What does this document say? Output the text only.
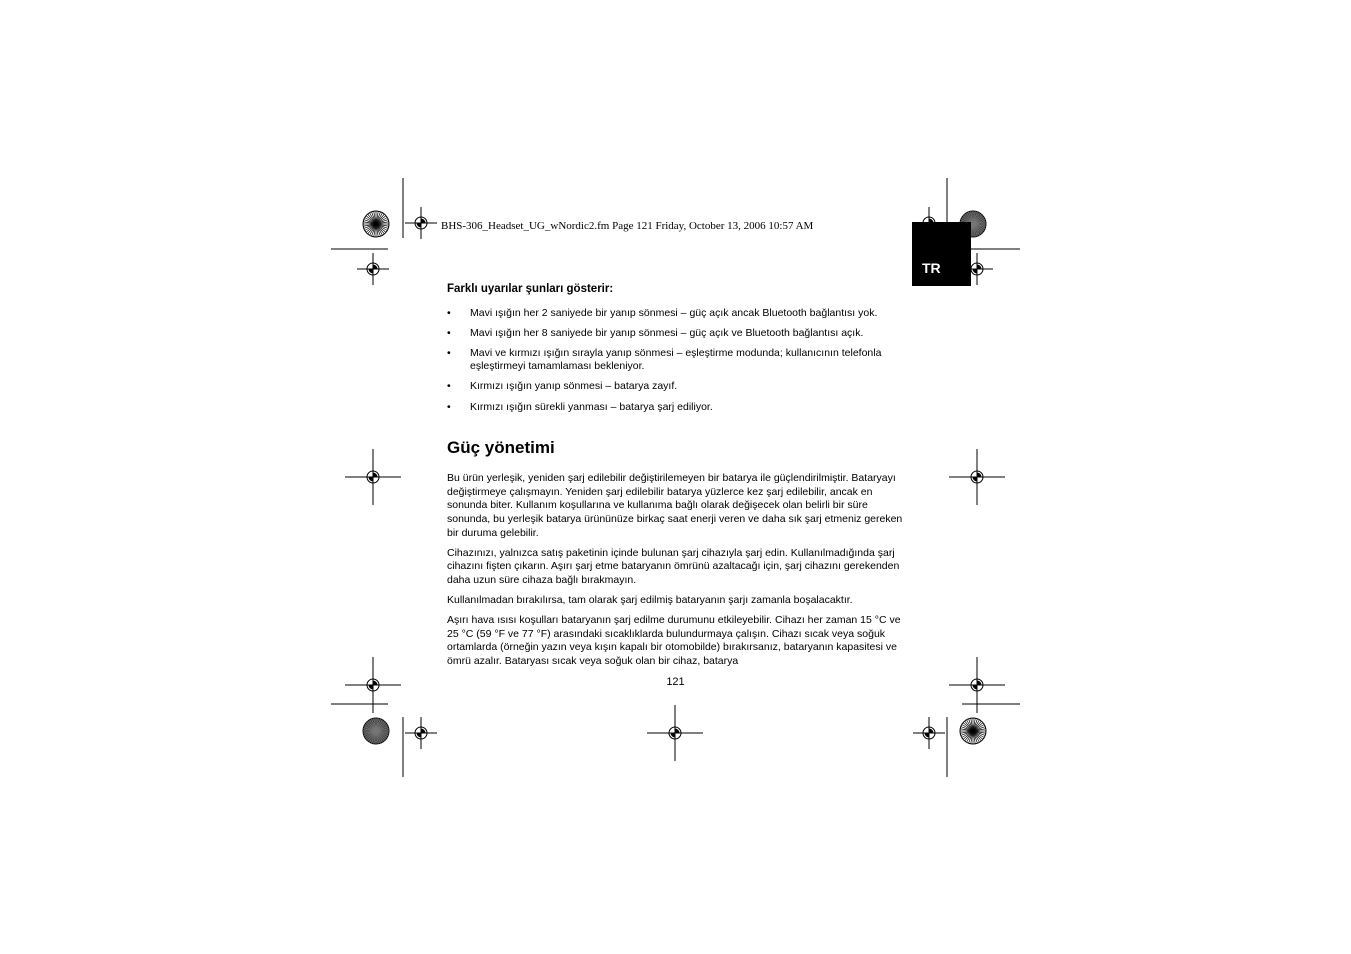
BHS-306_Headset_UG_wNordic2.fm Page 121 Friday, October 13, 2006 10:57 AM
TR
Farklı uyarılar şunları gösterir:
• Mavi ışığın her 2 saniyede bir yanıp sönmesi – güç açık ancak Bluetooth bağlantısı yok.
• Mavi ışığın her 8 saniyede bir yanıp sönmesi – güç açık ve Bluetooth bağlantısı açık.
• Mavi ve kırmızı ışığın sırayla yanıp sönmesi – eşleştirme modunda; kullanıcının telefonla eşleştirmeyi tamamlaması bekleniyor.
• Kırmızı ışığın yanıp sönmesi – batarya zayıf.
• Kırmızı ışığın sürekli yanması – batarya şarj ediliyor.
Güç yönetimi

Bu ürün yerleşik, yeniden şarj edilebilir değiştirilemeyen bir batarya ile güçlendirilmiştir. Bataryayı değiştirmeye çalışmayın. Yeniden şarj edilebilir batarya yüzlerce kez şarj edilebilir, ancak en sonunda biter. Kullanım koşullarına ve kullanıma bağlı olarak değişecek olan belirli bir süre sonunda, bu yerleşik batarya ürününüze birkaç saat enerji veren ve daha sık şarj etmeniz gereken bir duruma gelebilir.

Cihazınızı, yalnızca satış paketinin içinde bulunan şarj cihazıyla şarj edin. Kullanılmadığında şarj cihazını fişten çıkarın. Aşırı şarj etme bataryanın ömrünü azaltacağı için, şarj cihazını gerekenden daha uzun süre cihaza bağlı bırakmayın.

Kullanılmadan bırakılırsa, tam olarak şarj edilmiş bataryanın şarjı zamanla boşalacaktır.

Aşırı hava ısısı koşulları bataryanın şarj edilme durumunu etkileyebilir. Cihazı her zaman 15 °C ve 25 °C (59 °F ve 77 °F) arasındaki sıcaklıklarda bulundurmaya çalışın. Cihazı sıcak veya soğuk ortamlarda (örneğin yazın veya kışın kapalı bir otomobilde) bırakırsanız, bataryanın kapasitesi ve ömrü azalır. Bataryası sıcak veya soğuk olan bir cihaz, batarya

121
